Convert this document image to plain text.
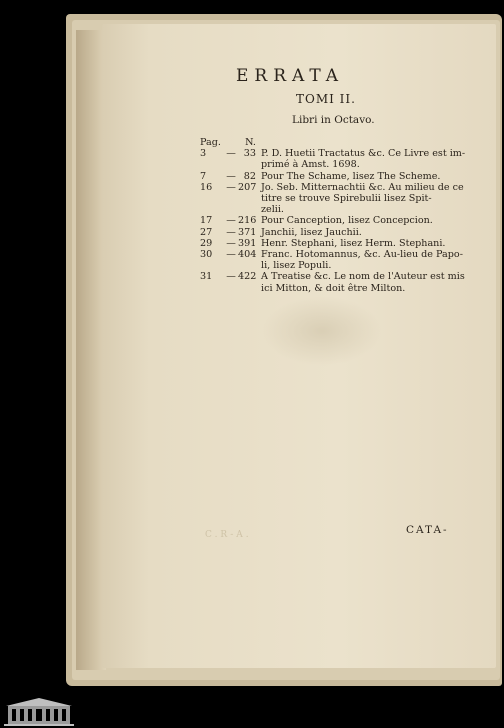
ERRATA
TOMI II.
Libri in Octavo.
Pag.	N.
3	— 33 P. D. Huetii Tractatus &c. Ce Livre est im-
primé à Amst. 1698.
7	— 82 Pour The Schame, lisez The Scheme.
16	— 207 Jo. Seb. Mitternachtii &c. Au milieu de ce
titre se trouve Spirebulii lisez Spit-
zelii.
17	— 216 Pour Canception, lisez Concepcion.
27	— 371 Janchii, lisez Jauchii.
29	— 391 Henr. Stephani, lisez Herm. Stephani.
30	— 404 Franc. Hotomannus, &c. Au-lieu de Papo-
li, lisez Populi.
31	— 422 A Treatise &c. Le nom de l'Auteur est mis
ici Mitton, & doit être Milton.
C.R-A.	CATA-
